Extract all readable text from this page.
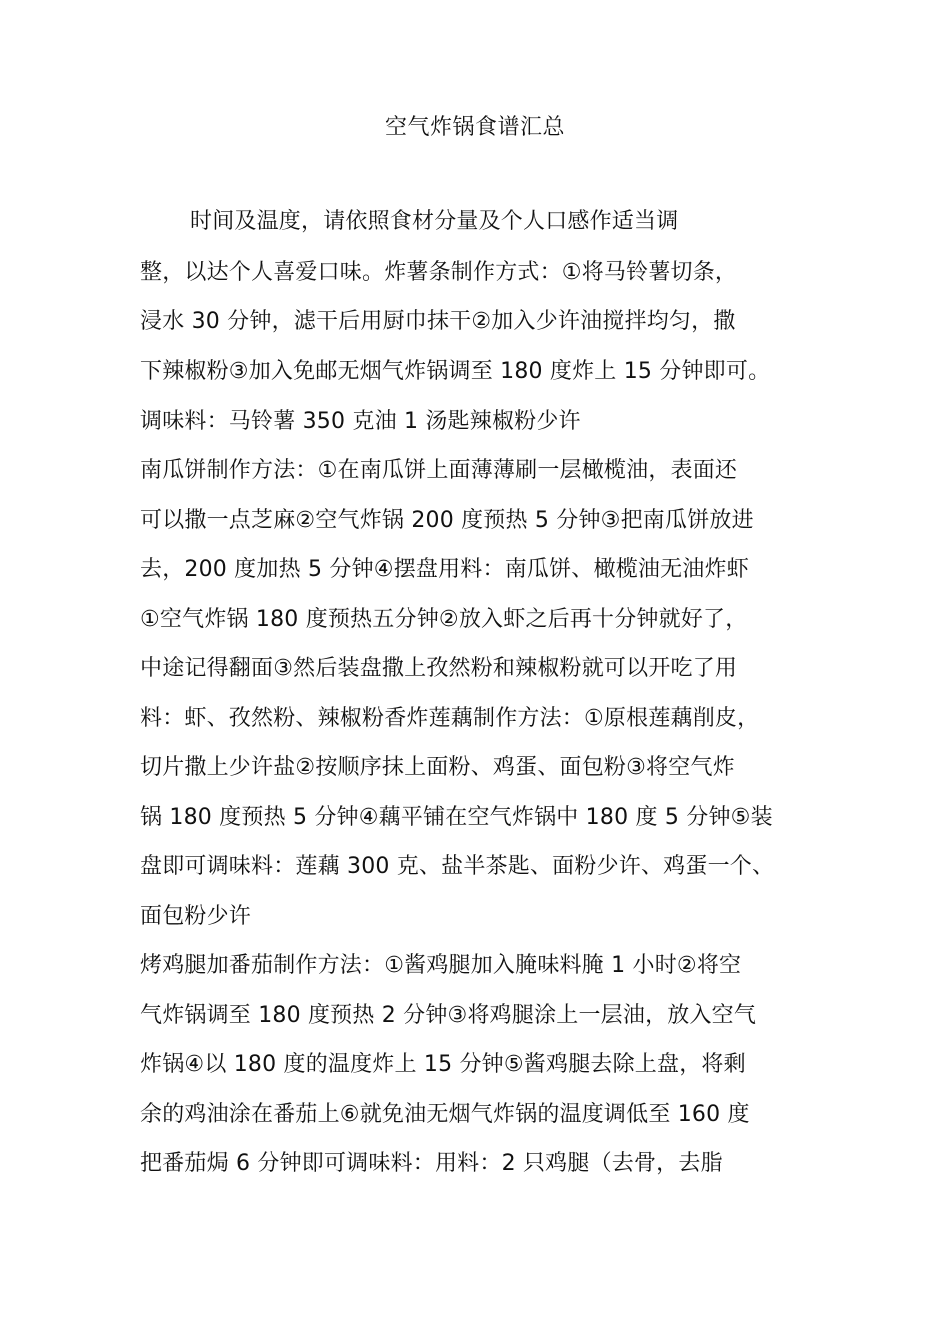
空气炸锅食谱汇总
时间及温度，请依照食材分量及个人口感作适当调
整，以达个人喜爱口味。炸薯条制作方式：①将马铃薯切条，
浸水 30 分钟，滤干后用厨巾抹干②加入少许油搅拌均匀，撒
下辣椒粉③加入免邮无烟气炸锅调至 180 度炸上 15 分钟即可。
调味料：马铃薯 350 克油 1 汤匙辣椒粉少许
南瓜饼制作方法：①在南瓜饼上面薄薄刷一层橄榄油，表面还
可以撒一点芝麻②空气炸锅 200 度预热 5 分钟③把南瓜饼放进
去，200 度加热 5 分钟④摆盘用料：南瓜饼、橄榄油无油炸虾
①空气炸锅 180 度预热五分钟②放入虾之后再十分钟就好了，
中途记得翻面③然后装盘撒上孜然粉和辣椒粉就可以开吃了用
料：虾、孜然粉、辣椒粉香炸莲藕制作方法：①原根莲藕削皮，
切片撒上少许盐②按顺序抹上面粉、鸡蛋、面包粉③将空气炸
锅 180 度预热 5 分钟④藕平铺在空气炸锅中 180 度 5 分钟⑤装
盘即可调味料：莲藕 300 克、盐半茶匙、面粉少许、鸡蛋一个、
面包粉少许
烤鸡腿加番茄制作方法：①酱鸡腿加入腌味料腌 1 小时②将空
气炸锅调至 180 度预热 2 分钟③将鸡腿涂上一层油，放入空气
炸锅④以 180 度的温度炸上 15 分钟⑤酱鸡腿去除上盘，将剩
余的鸡油涂在番茄上⑥就免油无烟气炸锅的温度调低至 160 度
把番茄焗 6 分钟即可调味料：用料：2 只鸡腿（去骨，去脂
